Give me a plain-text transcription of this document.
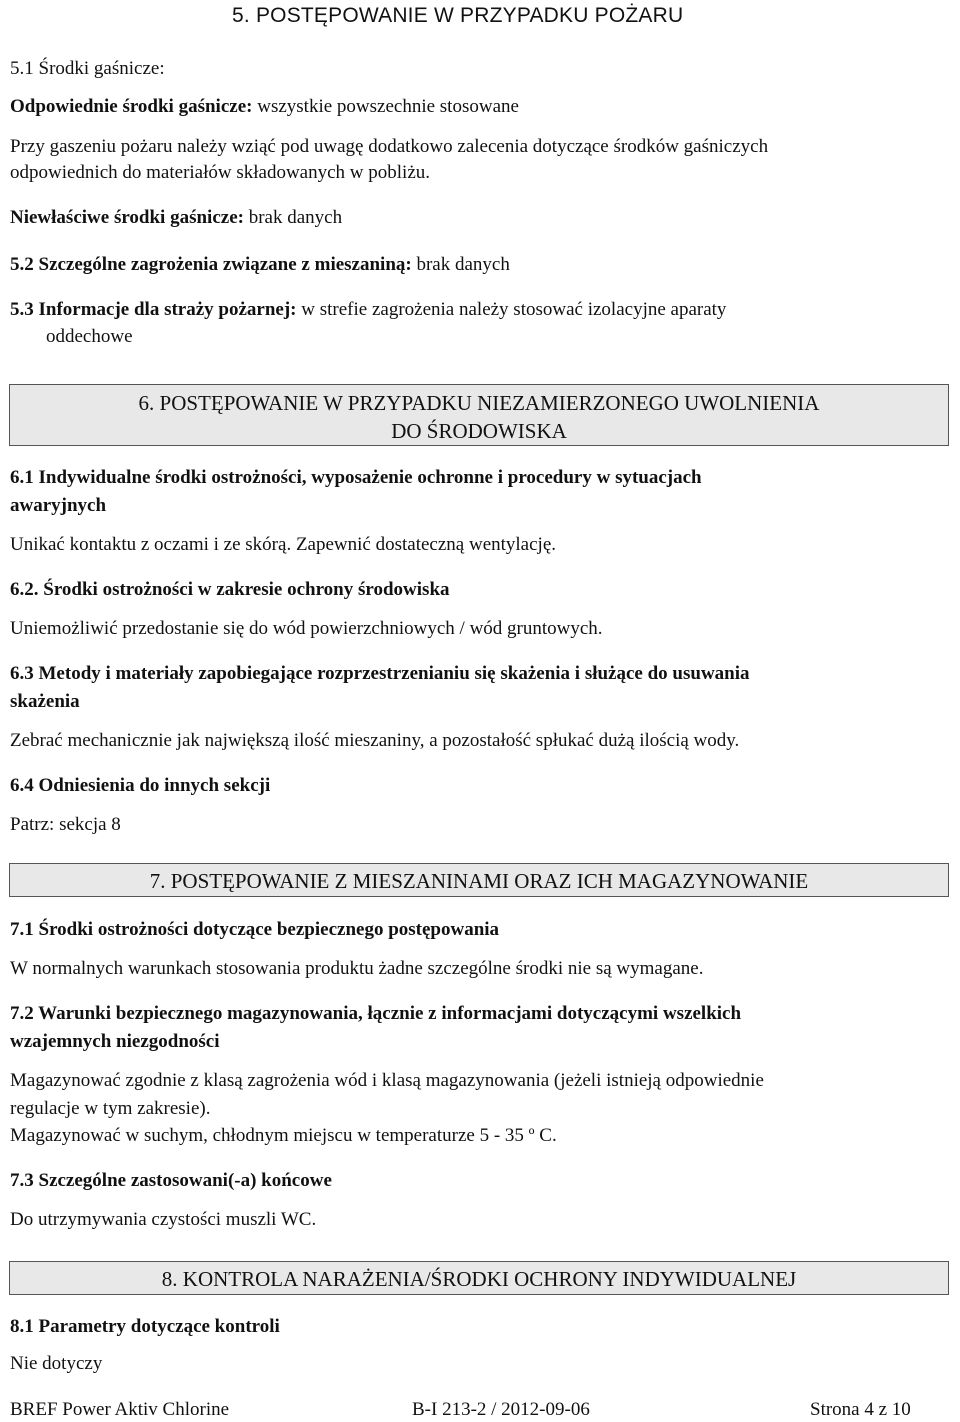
5. POSTĘPOWANIE W PRZYPADKU POŻARU
5.1 Środki gaśnicze:
Odpowiednie środki gaśnicze: wszystkie powszechnie stosowane
Przy gaszeniu pożaru należy wziąć pod uwagę dodatkowo zalecenia dotyczące środków gaśniczych
odpowiednich do materiałów składowanych w pobliżu.
Niewłaściwe środki gaśnicze: brak danych
5.2 Szczególne zagrożenia związane z mieszaniną: brak danych
5.3 Informacje dla straży pożarnej: w strefie zagrożenia należy stosować izolacyjne aparaty
oddechowe
6. POSTĘPOWANIE W PRZYPADKU NIEZAMIERZONEGO UWOLNIENIA
DO ŚRODOWISKA
6.1 Indywidualne środki ostrożności, wyposażenie ochronne i procedury w sytuacjach
awaryjnych
Unikać kontaktu z oczami i ze skórą. Zapewnić dostateczną wentylację.
6.2. Środki ostrożności w zakresie ochrony środowiska
Uniemożliwić przedostanie się do wód powierzchniowych / wód gruntowych.
6.3 Metody i materiały zapobiegające rozprzestrzenianiu się skażenia i służące do usuwania
skażenia
Zebrać mechanicznie jak największą ilość mieszaniny, a pozostałość spłukać dużą ilością wody.
6.4 Odniesienia do innych sekcji
Patrz: sekcja 8
7. POSTĘPOWANIE Z MIESZANINAMI ORAZ ICH MAGAZYNOWANIE
7.1 Środki ostrożności dotyczące bezpiecznego postępowania
W normalnych warunkach stosowania produktu żadne szczególne środki nie są wymagane.
7.2 Warunki bezpiecznego magazynowania, łącznie z informacjami dotyczącymi wszelkich
wzajemnych niezgodności
Magazynować zgodnie z klasą zagrożenia wód i klasą magazynowania (jeżeli istnieją odpowiednie
regulacje w tym zakresie).
Magazynować w suchym, chłodnym miejscu w temperaturze 5 - 35 º C.
7.3 Szczególne zastosowani(-a) końcowe
Do utrzymywania czystości muszli WC.
8. KONTROLA NARAŻENIA/ŚRODKI OCHRONY INDYWIDUALNEJ
8.1 Parametry dotyczące kontroli
Nie dotyczy
BREF Power Aktiv Chlorine	B-I 213-2 / 2012-09-06	Strona 4 z 10
